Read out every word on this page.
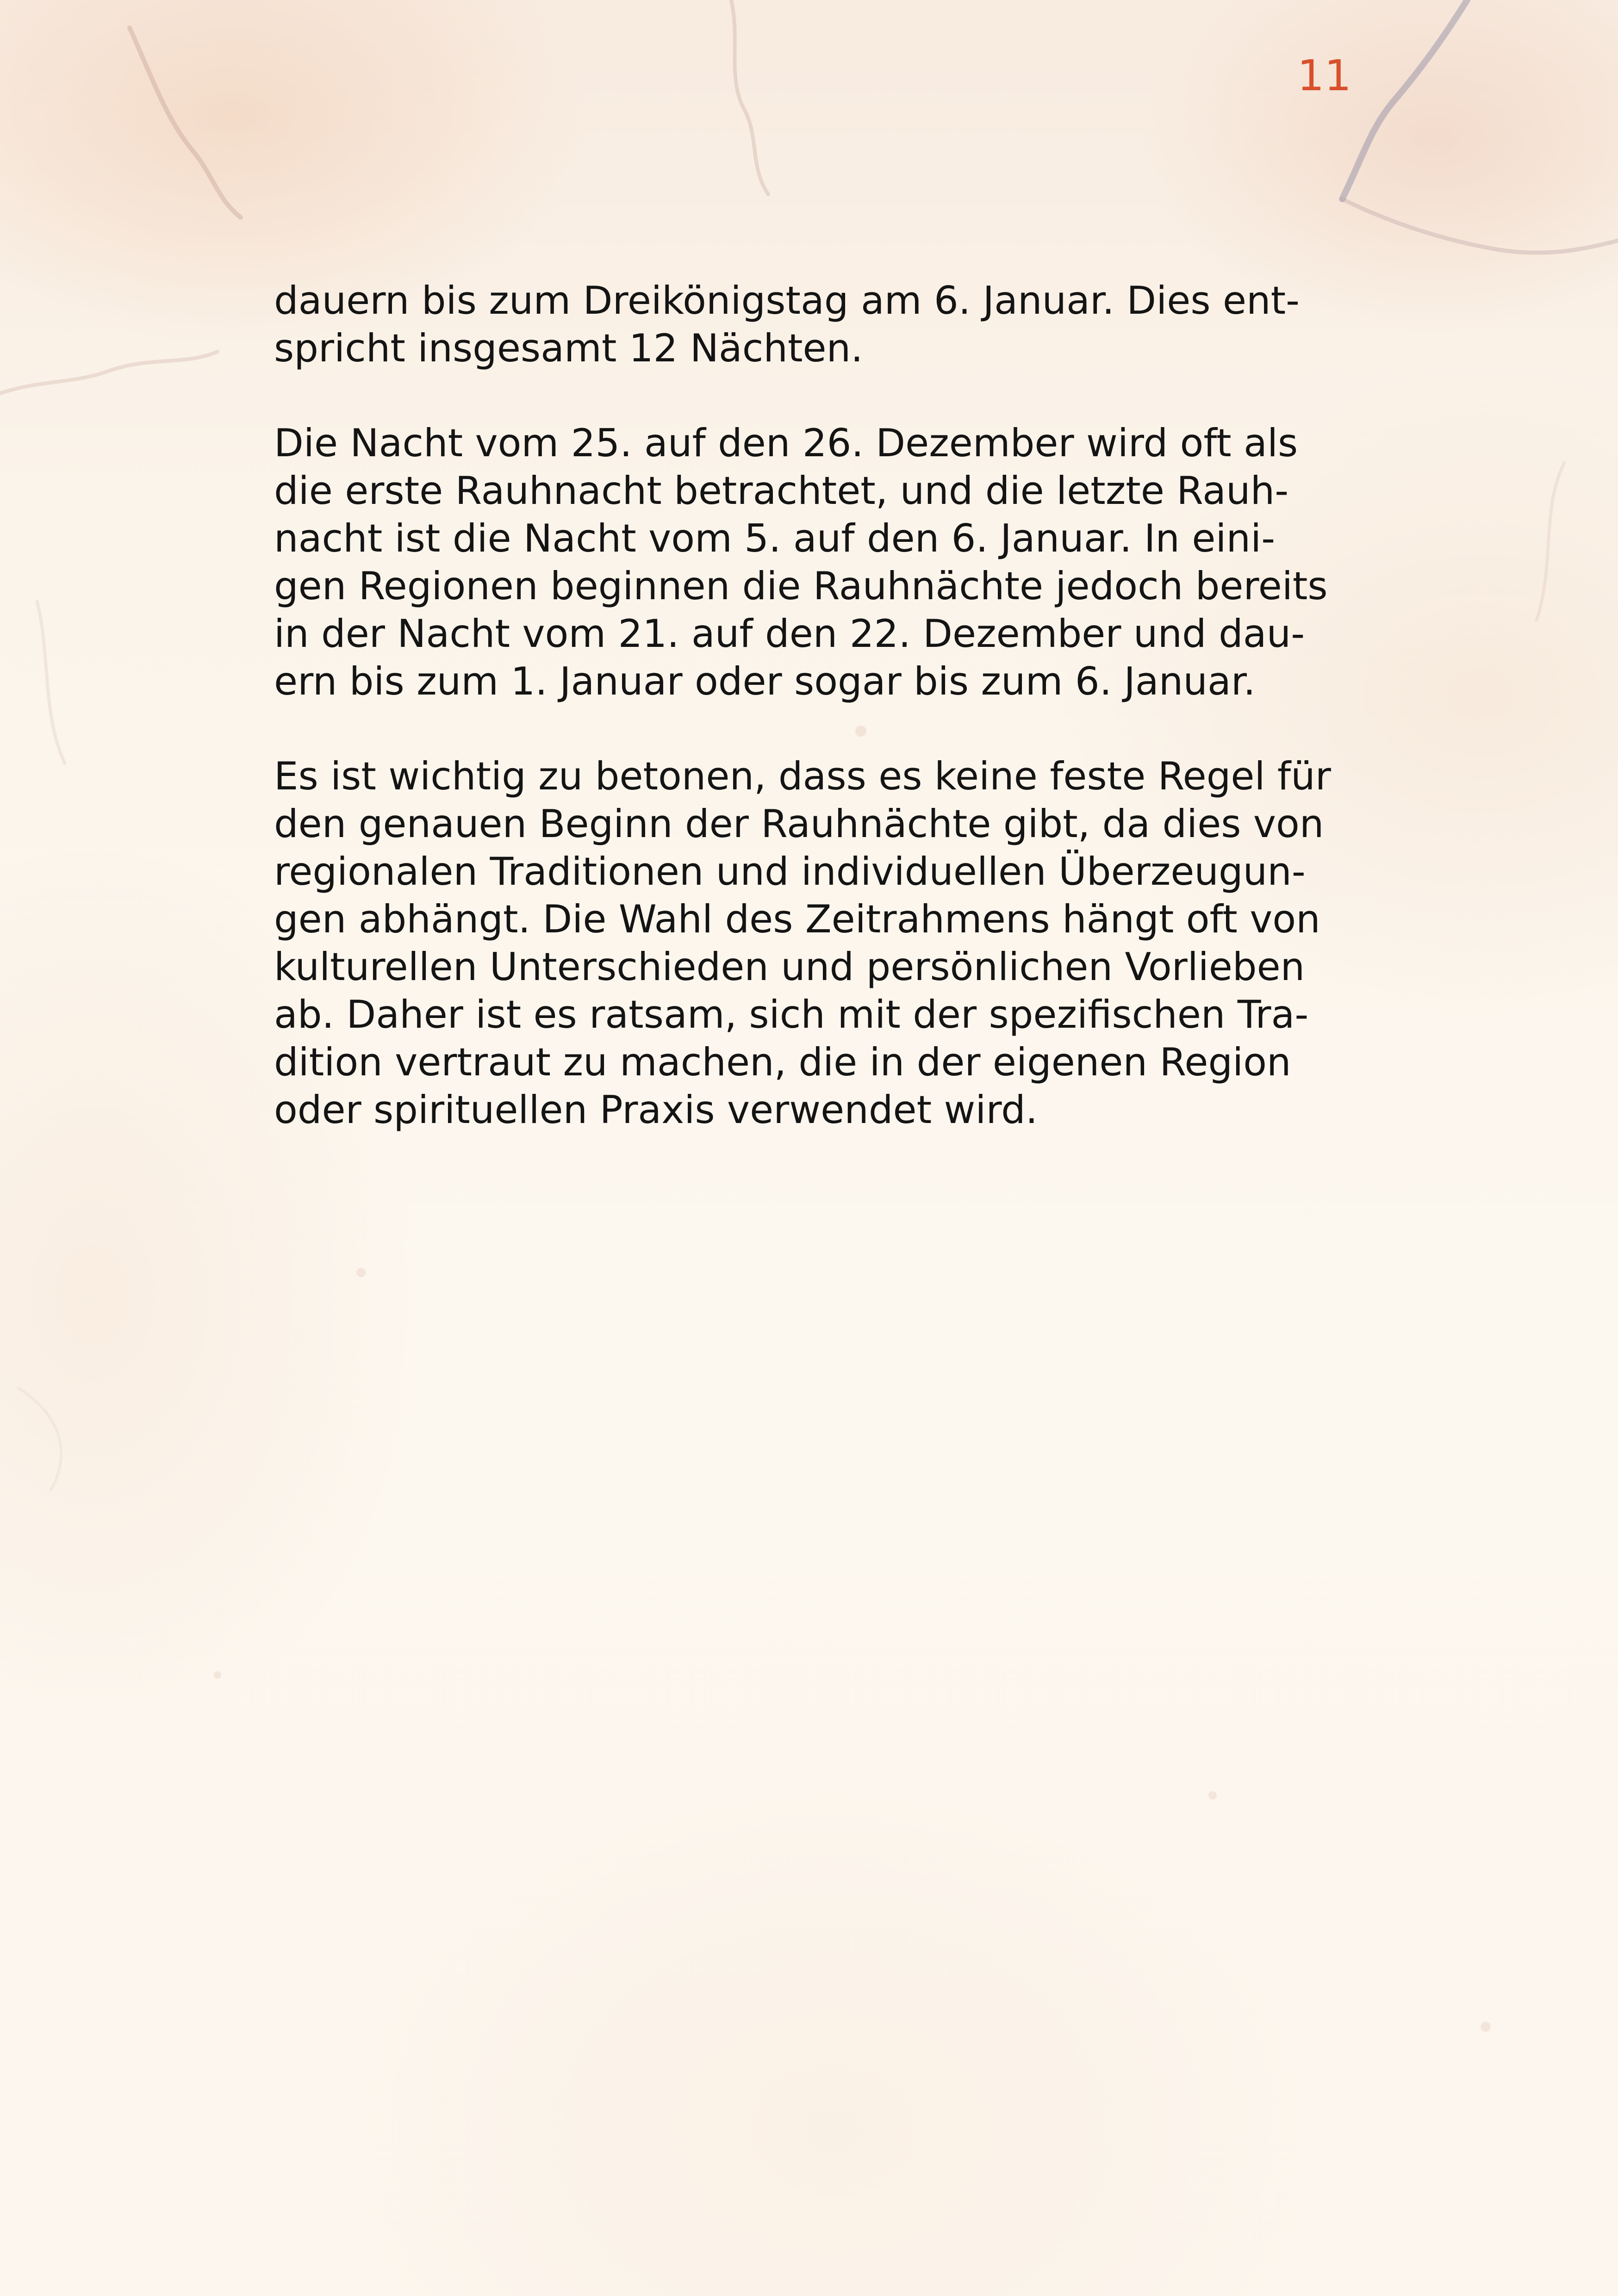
11
dauern bis zum Dreikönigstag am 6. Januar. Dies ent-
spricht insgesamt 12 Nächten.
Die Nacht vom 25. auf den 26. Dezember wird oft als
die erste Rauhnacht betrachtet, und die letzte Rauh-
nacht ist die Nacht vom 5. auf den 6. Januar. In eini-
gen Regionen beginnen die Rauhnächte jedoch bereits
in der Nacht vom 21. auf den 22. Dezember und dau-
ern bis zum 1. Januar oder sogar bis zum 6. Januar.
Es ist wichtig zu betonen, dass es keine feste Regel für
den genauen Beginn der Rauhnächte gibt, da dies von
regionalen Traditionen und individuellen Überzeugun-
gen abhängt. Die Wahl des Zeitrahmens hängt oft von
kulturellen Unterschieden und persönlichen Vorlieben
ab. Daher ist es ratsam, sich mit der spezifischen Tra-
dition vertraut zu machen, die in der eigenen Region
oder spirituellen Praxis verwendet wird.
